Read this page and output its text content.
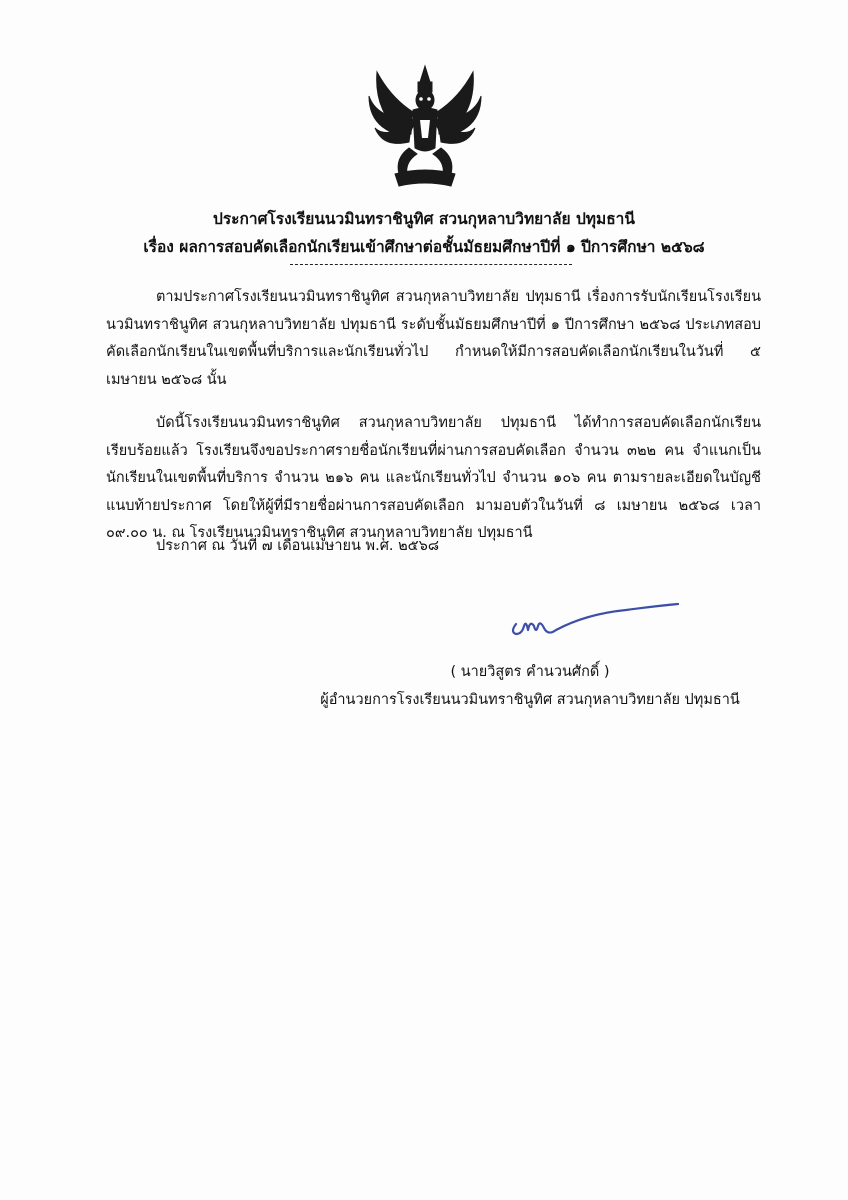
ประกาศโรงเรียนนวมินทราชินูทิศ สวนกุหลาบวิทยาลัย ปทุมธานี
เรื่อง ผลการสอบคัดเลือกนักเรียนเข้าศึกษาต่อชั้นมัธยมศึกษาปีที่ ๑ ปีการศึกษา ๒๕๖๘

ตามประกาศโรงเรียนนวมินทราชินูทิศ สวนกุหลาบวิทยาลัย ปทุมธานี เรื่องการรับนักเรียนโรงเรียนนวมินทราชินูทิศ สวนกุหลาบวิทยาลัย ปทุมธานี ระดับชั้นมัธยมศึกษาปีที่ ๑ ปีการศึกษา ๒๕๖๘ ประเภทสอบคัดเลือกนักเรียนในเขตพื้นที่บริการและนักเรียนทั่วไป กำหนดให้มีการสอบคัดเลือกนักเรียนในวันที่ ๕ เมษายน ๒๕๖๘ นั้น

บัดนี้โรงเรียนนวมินทราชินูทิศ สวนกุหลาบวิทยาลัย ปทุมธานี ได้ทำการสอบคัดเลือกนักเรียนเรียบร้อยแล้ว โรงเรียนจึงขอประกาศรายชื่อนักเรียนที่ผ่านการสอบคัดเลือก จำนวน ๓๒๒ คน จำแนกเป็นนักเรียนในเขตพื้นที่บริการ จำนวน ๒๑๖ คน และนักเรียนทั่วไป จำนวน ๑๐๖ คน ตามรายละเอียดในบัญชีแนบท้ายประกาศ โดยให้ผู้ที่มีรายชื่อผ่านการสอบคัดเลือก มามอบตัวในวันที่ ๘ เมษายน ๒๕๖๘ เวลา ๐๙.๐๐ น. ณ โรงเรียนนวมินทราชินูทิศ สวนกุหลาบวิทยาลัย ปทุมธานี

ประกาศ ณ วันที่ ๗ เดือนเมษายน พ.ศ. ๒๕๖๘
( นายวิสูตร คำนวนศักดิ์ )
ผู้อำนวยการโรงเรียนนวมินทราชินูทิศ สวนกุหลาบวิทยาลัย ปทุมธานี
